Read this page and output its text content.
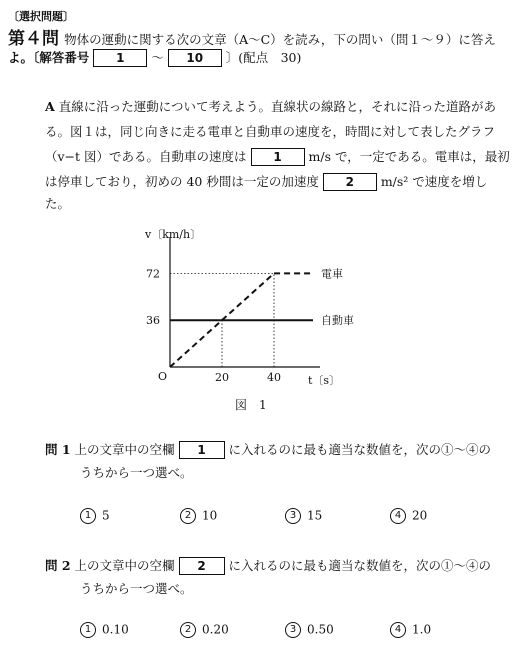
〔選択問題〕
第４問 物体の運動に関する次の文章（A～C）を読み，下の問い（問１～９）に答え
よ。〔解答番号 1 ～ 10 〕(配点　30)
A 直線に沿った運動について考えよう。直線状の線路と，それに沿った道路があ
る。図１は，同じ向きに走る電車と自動車の速度を，時間に対して表したグラフ
（v−t 図）である。自動車の速度は 1 m/s で，一定である。電車は，最初
は停車しており，初めの 40 秒間は一定の加速度 2 m/s² で速度を増し
た。
電車
自動車
v〔km/h〕
t〔s〕
O	20	40
36
72
図　1
問 1 上の文章中の空欄 1 に入れるのに最も適当な数値を，次の①～④の
うちから一つ選べ。
1 5	2 10	3 15	4 20
問 2 上の文章中の空欄 2 に入れるのに最も適当な数値を，次の①～④の
うちから一つ選べ。
1 0.10	2 0.20	3 0.50	4 1.0
